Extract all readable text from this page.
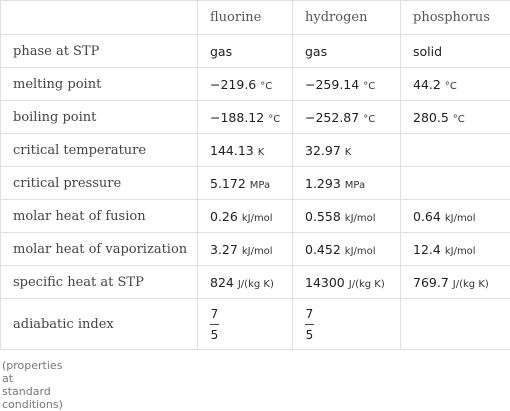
	fluorine	hydrogen	phosphorus
phase at STP	gas	gas	solid
melting point	−219.6 °C	−259.14 °C	44.2 °C
boiling point	−188.12 °C	−252.87 °C	280.5 °C
critical temperature	144.13 K	32.97 K	
critical pressure	5.172 MPa	1.293 MPa	
molar heat of fusion	0.26 kJ/mol	0.558 kJ/mol	0.64 kJ/mol
molar heat of vaporization	3.27 kJ/mol	0.452 kJ/mol	12.4 kJ/mol
specific heat at STP	824 J/(kg K)	14300 J/(kg K)	769.7 J/(kg K)
adiabatic index	$\frac{7}{5}$	$\frac{7}{5}$

(properties at standard conditions)
